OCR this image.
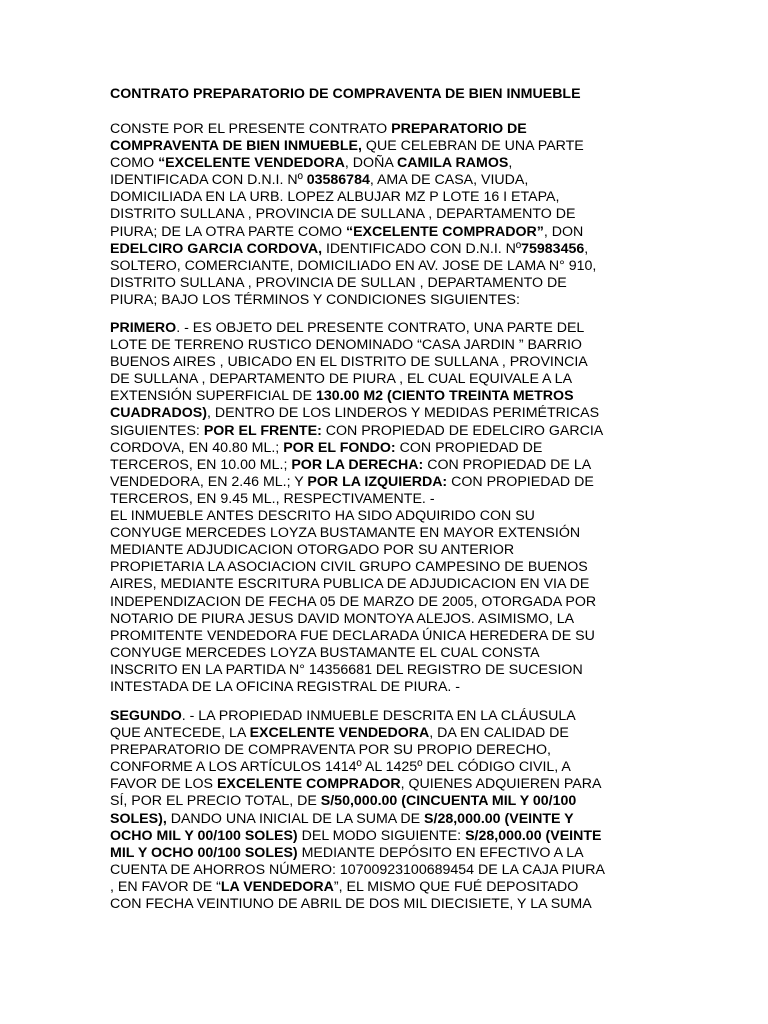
CONTRATO PREPARATORIO DE COMPRAVENTA DE BIEN INMUEBLE
CONSTE POR EL PRESENTE CONTRATO PREPARATORIO DE
COMPRAVENTA DE BIEN INMUEBLE, QUE CELEBRAN DE UNA PARTE
COMO “EXCELENTE VENDEDORA, DOÑA CAMILA RAMOS,
IDENTIFICADA CON D.N.I. Nº 03586784, AMA DE CASA, VIUDA,
DOMICILIADA EN LA URB. LOPEZ ALBUJAR MZ P LOTE 16 I ETAPA,
DISTRITO SULLANA , PROVINCIA DE SULLANA , DEPARTAMENTO DE
PIURA; DE LA OTRA PARTE COMO “EXCELENTE COMPRADOR”, DON
EDELCIRO GARCIA CORDOVA, IDENTIFICADO CON D.N.I. Nº75983456,
SOLTERO, COMERCIANTE, DOMICILIADO EN AV. JOSE DE LAMA N° 910,
DISTRITO SULLANA , PROVINCIA DE SULLAN , DEPARTAMENTO DE
PIURA; BAJO LOS TÉRMINOS Y CONDICIONES SIGUIENTES:
PRIMERO. - ES OBJETO DEL PRESENTE CONTRATO, UNA PARTE DEL
LOTE DE TERRENO RUSTICO DENOMINADO “CASA JARDIN ” BARRIO
BUENOS AIRES , UBICADO EN EL DISTRITO DE SULLANA , PROVINCIA
DE SULLANA , DEPARTAMENTO DE PIURA , EL CUAL EQUIVALE A LA
EXTENSIÓN SUPERFICIAL DE 130.00 M2 (CIENTO TREINTA METROS
CUADRADOS), DENTRO DE LOS LINDEROS Y MEDIDAS PERIMÉTRICAS
SIGUIENTES: POR EL FRENTE: CON PROPIEDAD DE EDELCIRO GARCIA
CORDOVA, EN 40.80 ML.; POR EL FONDO: CON PROPIEDAD DE
TERCEROS, EN 10.00 ML.; POR LA DERECHA: CON PROPIEDAD DE LA
VENDEDORA, EN 2.46 ML.; Y POR LA IZQUIERDA: CON PROPIEDAD DE
TERCEROS, EN 9.45 ML., RESPECTIVAMENTE. -
EL INMUEBLE ANTES DESCRITO HA SIDO ADQUIRIDO CON SU
CONYUGE MERCEDES LOYZA BUSTAMANTE EN MAYOR EXTENSIÓN
MEDIANTE ADJUDICACION OTORGADO POR SU ANTERIOR
PROPIETARIA LA ASOCIACION CIVIL GRUPO CAMPESINO DE BUENOS
AIRES, MEDIANTE ESCRITURA PUBLICA DE ADJUDICACION EN VIA DE
INDEPENDIZACION DE FECHA 05 DE MARZO DE 2005, OTORGADA POR
NOTARIO DE PIURA JESUS DAVID MONTOYA ALEJOS. ASIMISMO, LA
PROMITENTE VENDEDORA FUE DECLARADA ÚNICA HEREDERA DE SU
CONYUGE MERCEDES LOYZA BUSTAMANTE EL CUAL CONSTA
INSCRITO EN LA PARTIDA N° 14356681 DEL REGISTRO DE SUCESION
INTESTADA DE LA OFICINA REGISTRAL DE PIURA. -
SEGUNDO. - LA PROPIEDAD INMUEBLE DESCRITA EN LA CLÁUSULA
QUE ANTECEDE, LA EXCELENTE VENDEDORA, DA EN CALIDAD DE
PREPARATORIO DE COMPRAVENTA POR SU PROPIO DERECHO,
CONFORME A LOS ARTÍCULOS 1414º AL 1425º DEL CÓDIGO CIVIL, A
FAVOR DE LOS EXCELENTE COMPRADOR, QUIENES ADQUIEREN PARA
SÍ, POR EL PRECIO TOTAL, DE S/50,000.00 (CINCUENTA MIL Y 00/100
SOLES), DANDO UNA INICIAL DE LA SUMA DE S/28,000.00 (VEINTE Y
OCHO MIL Y 00/100 SOLES) DEL MODO SIGUIENTE: S/28,000.00 (VEINTE
MIL Y OCHO 00/100 SOLES) MEDIANTE DEPÓSITO EN EFECTIVO A LA
CUENTA DE AHORROS NÚMERO: 10700923100689454 DE LA CAJA PIURA
, EN FAVOR DE “LA VENDEDORA”, EL MISMO QUE FUÉ DEPOSITADO
CON FECHA VEINTIUNO DE ABRIL DE DOS MIL DIECISIETE, Y LA SUMA
